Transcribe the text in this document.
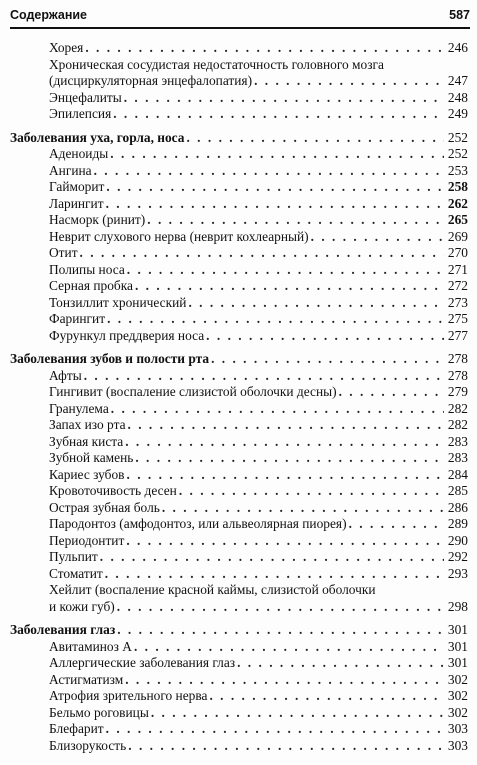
Содержание	587
Хорея . . .	246
Хроническая сосудистая недостаточность головного мозга
(дисциркуляторная энцефалопатия) . . .	247
Энцефалиты . . .	248
Эпилепсия . . .	249
Заболевания уха, горла, носа . . .	252
Аденоиды . . .	252
Ангина . . .	253
Гайморит . . .	258
Ларингит . . .	262
Насморк (ринит) . . .	265
Неврит слухового нерва (неврит кохлеарный) . . .	269
Отит . . .	270
Полипы носа . . .	271
Серная пробка . . .	272
Тонзиллит хронический . . .	273
Фарингит . . .	275
Фурункул преддверия носа . . .	277
Заболевания зубов и полости рта . . .	278
Афты . . .	278
Гингивит (воспаление слизистой оболочки десны) . . .	279
Гранулема . . .	282
Запах изо рта . . .	282
Зубная киста . . .	283
Зубной камень . . .	283
Кариес зубов . . .	284
Кровоточивость десен . . .	285
Острая зубная боль . . .	286
Пародонтоз (амфодонтоз, или альвеолярная пиорея) . . .	289
Периодонтит . . .	290
Пульпит . . .	292
Стоматит . . .	293
Хейлит (воспаление красной каймы, слизистой оболочки
и кожи губ) . . .	298
Заболевания глаз . . .	301
Авитаминоз А . . .	301
Аллергические заболевания глаз . . .	301
Астигматизм . . .	302
Атрофия зрительного нерва . . .	302
Бельмо роговицы . . .	302
Блефарит . . .	303
Близорукость . . .	303
